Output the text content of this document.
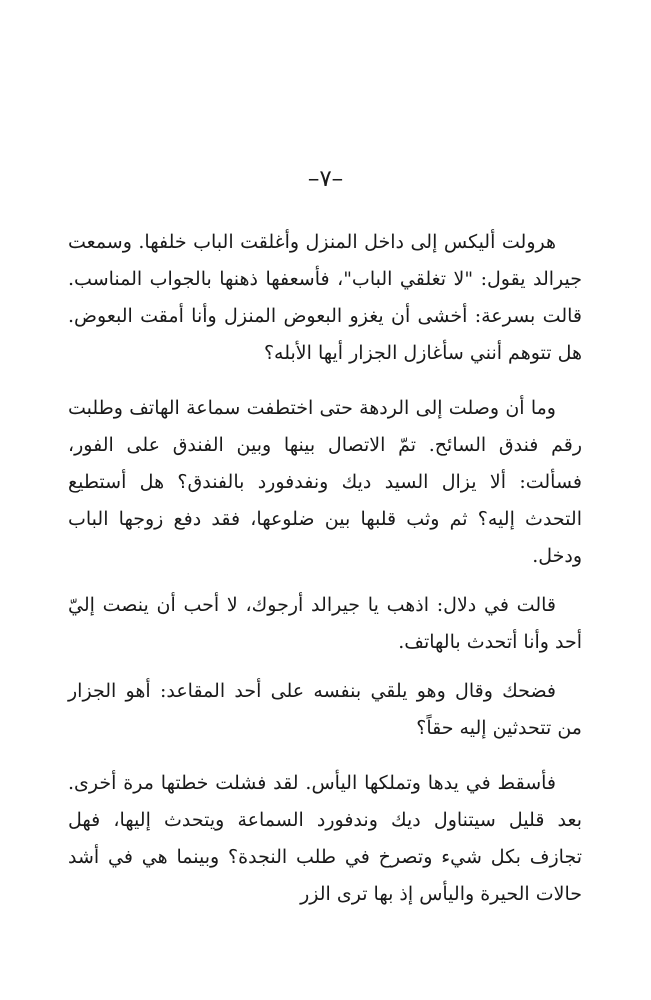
–٧–

هرولت أليكس إلى داخل المنزل وأغلقت الباب خلفها. وسمعت جيرالد يقول: "لا تغلقي الباب"، فأسعفها ذهنها بالجواب المناسب. قالت بسرعة: أخشى أن يغزو البعوض المنزل وأنا أمقت البعوض. هل تتوهم أنني سأغازل الجزار أيها الأبله؟

وما أن وصلت إلى الردهة حتى اختطفت سماعة الهاتف وطلبت رقم فندق السائح. تمّ الاتصال بينها وبين الفندق على الفور، فسألت: ألا يزال السيد ديك ونفدفورد بالفندق؟ هل أستطيع التحدث إليه؟ ثم وثب قلبها بين ضلوعها، فقد دفع زوجها الباب ودخل.

قالت في دلال: اذهب يا جيرالد أرجوك، لا أحب أن ينصت إليّ أحد وأنا أتحدث بالهاتف.

فضحك وقال وهو يلقي بنفسه على أحد المقاعد: أهو الجزار من تتحدثين إليه حقاً؟

فأسقط في يدها وتملكها اليأس. لقد فشلت خطتها مرة أخرى. بعد قليل سيتناول ديك وندفورد السماعة ويتحدث إليها، فهل تجازف بكل شيء وتصرخ في طلب النجدة؟ وبينما هي في أشد حالات الحيرة واليأس إذ بها ترى الزر
